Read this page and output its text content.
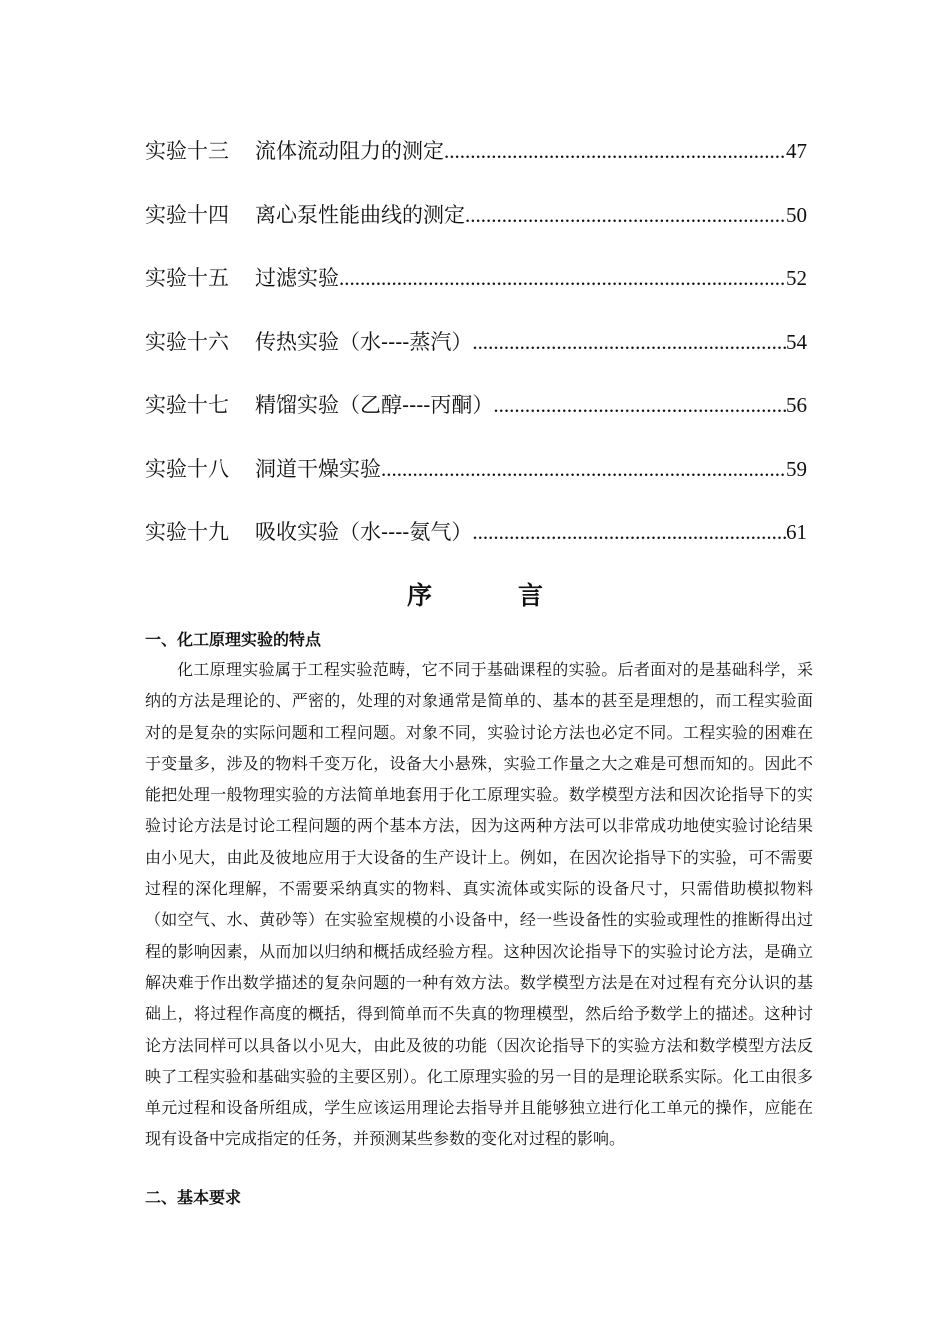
实验十三 流体流动阻力的测定 .....	47
实验十四 离心泵性能曲线的测定 .....	50
实验十五 过滤实验 .....	52
实验十六 传热实验（水----蒸汽） .....	54
实验十七 精馏实验（乙醇----丙酮） .....	56
实验十八 洞道干燥实验 .....	59
实验十九 吸收实验（水----氨气） .....	61
序	言
一、化工原理实验的特点

化工原理实验属于工程实验范畴，它不同于基础课程的实验。后者面对的是基础科学，采纳的方法是理论的、严密的，处理的对象通常是简单的、基本的甚至是理想的，而工程实验面对的是复杂的实际问题和工程问题。对象不同，实验讨论方法也必定不同。工程实验的困难在于变量多，涉及的物料千变万化，设备大小悬殊，实验工作量之大之难是可想而知的。因此不能把处理一般物理实验的方法简单地套用于化工原理实验。数学模型方法和因次论指导下的实验讨论方法是讨论工程问题的两个基本方法，因为这两种方法可以非常成功地使实验讨论结果由小见大，由此及彼地应用于大设备的生产设计上。例如，在因次论指导下的实验，可不需要过程的深化理解，不需要采纳真实的物料、真实流体或实际的设备尺寸，只需借助模拟物料（如空气、水、黄砂等）在实验室规模的小设备中，经一些设备性的实验或理性的推断得出过程的影响因素，从而加以归纳和概括成经验方程。这种因次论指导下的实验讨论方法，是确立解决难于作出数学描述的复杂问题的一种有效方法。数学模型方法是在对过程有充分认识的基础上，将过程作高度的概括，得到简单而不失真的物理模型，然后给予数学上的描述。这种讨论方法同样可以具备以小见大，由此及彼的功能（因次论指导下的实验方法和数学模型方法反映了工程实验和基础实验的主要区别）。化工原理实验的另一目的是理论联系实际。化工由很多单元过程和设备所组成，学生应该运用理论去指导并且能够独立进行化工单元的操作，应能在现有设备中完成指定的任务，并预测某些参数的变化对过程的影响。

二、基本要求
